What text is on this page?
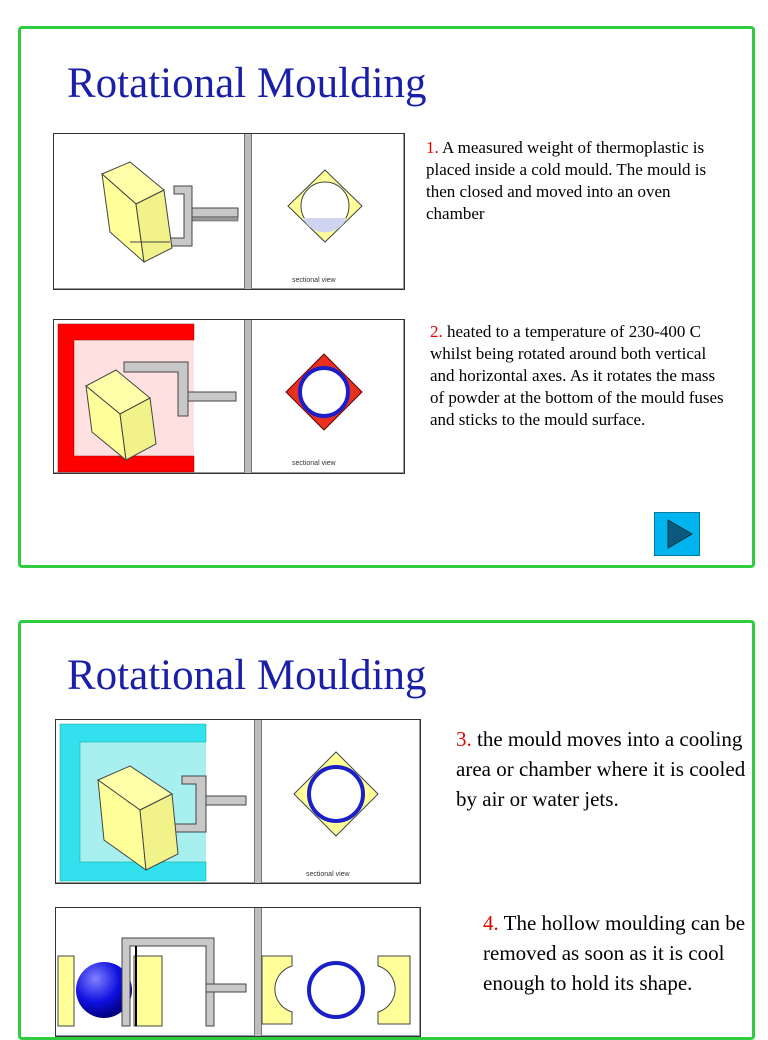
Rotational Moulding
sectional view
1. A measured weight of thermoplastic is placed inside a cold mould. The mould is then closed and moved into an oven chamber
sectional view
2. heated to a temperature of 230-400 C whilst being rotated around both vertical and horizontal axes. As it rotates the mass of powder at the bottom of the mould fuses and sticks to the mould surface.
Rotational Moulding
sectional view
3. the mould moves into a cooling area or chamber where it is cooled by air or water jets.
4. The hollow moulding can be removed as soon as it is cool enough to hold its shape.
